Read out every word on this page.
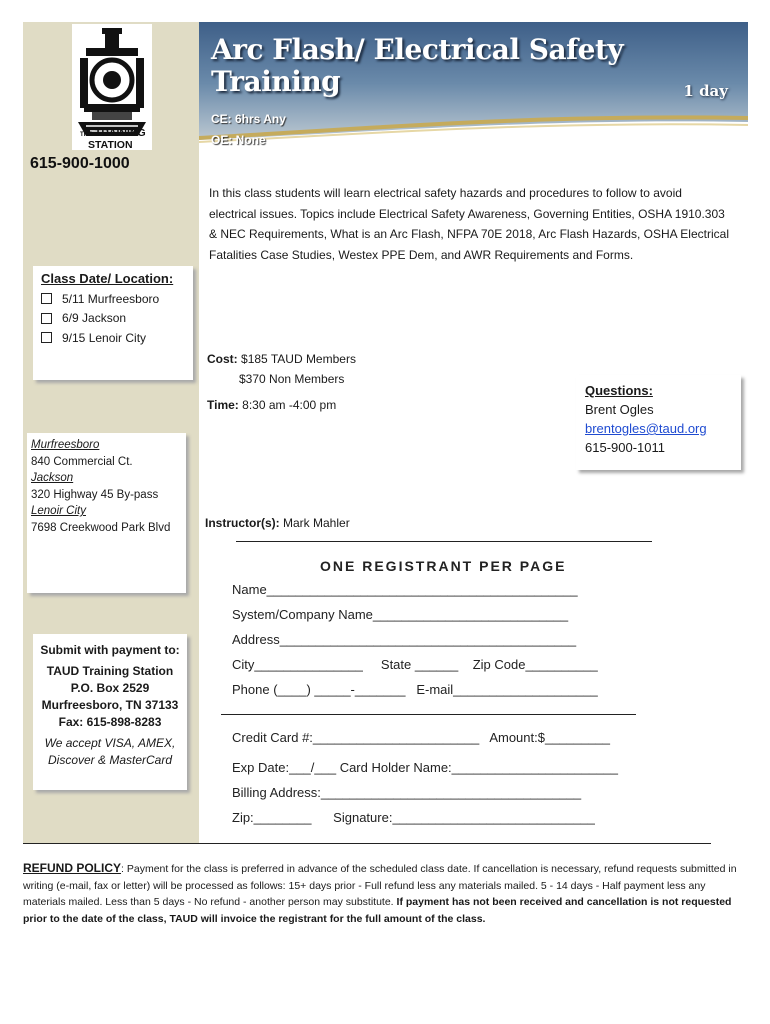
THE TRAINING
STATION
615-900-1000
Arc Flash/ Electrical Safety
Training	1 day
CE: 6hrs Any
OE: None
In this class students will learn electrical safety hazards and procedures to follow to avoid
electrical issues. Topics include Electrical Safety Awareness, Governing Entities, OSHA 1910.303
& NEC Requirements, What is an Arc Flash, NFPA 70E 2018, Arc Flash Hazards, OSHA Electrical
Fatalities Case Studies, Westex PPE Dem, and AWR Requirements and Forms.
Class Date/ Location:
5/11 Murfreesboro
6/9 Jackson
9/15 Lenoir City
Murfreesboro
840 Commercial Ct.
Jackson
320 Highway 45 By-pass
Lenoir City
7698 Creekwood Park Blvd
Submit with payment to:
TAUD Training Station
P.O. Box 2529
Murfreesboro, TN 37133
Fax: 615-898-8283
We accept VISA, AMEX,
Discover & MasterCard
Cost: $185 TAUD Members
$370 Non Members
Time: 8:30 am -4:00 pm
Questions:
Brent Ogles
brentogles@taud.org
615-900-1011
Instructor(s): Mark Mahler
ONE REGISTRANT PER PAGE
Name___________________________________________
System/Company Name___________________________
Address_________________________________________
City_______________     State ______    Zip Code__________
Phone (____) _____-_______   E-mail____________________
Credit Card #:_______________________   Amount:$_________
Exp Date:___/___ Card Holder Name:_______________________
Billing Address:____________________________________
Zip:________      Signature:____________________________
REFUND POLICY: Payment for the class is preferred in advance of the scheduled class date. If cancellation is necessary, refund requests submitted in writing (e-mail, fax or letter) will be processed as follows: 15+ days prior - Full refund less any materials mailed. 5 - 14 days - Half payment less any materials mailed. Less than 5 days - No refund - another person may substitute. If payment has not been received and cancellation is not requested prior to the date of the class, TAUD will invoice the registrant for the full amount of the class.
